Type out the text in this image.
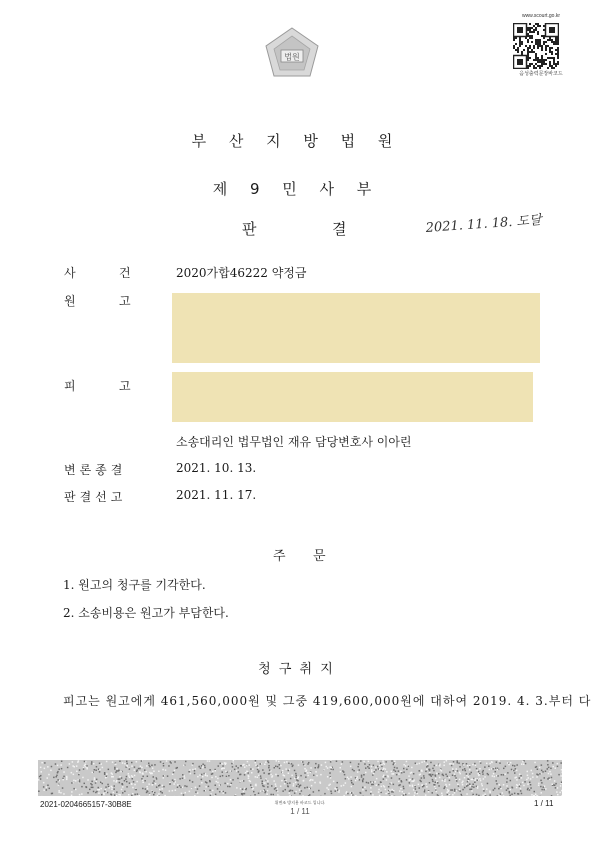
법원
www.scourt.go.kr
음성출력문장바코드
부 산 지 방 법 원
제 9 민 사 부
판	결	2021. 11. 18. 도달
사	건	2020가합46222 약정금
원	고
피	고
소송대리인 법무법인 재유 담당변호사 이아린
변론종결	2021. 10. 13.
판결선고	2021. 11. 17.
주 문
1. 원고의 청구를 기각한다.
2. 소송비용은 원고가 부담한다.
청 구 취 지
피고는 원고에게 461,560,000원 및 그중 419,600,000원에 대하여 2019. 4. 3.부터 다
2021-0204665157-30B8E	위변조 방지용 바코드 입니다.	1 / 11
1 / 11
